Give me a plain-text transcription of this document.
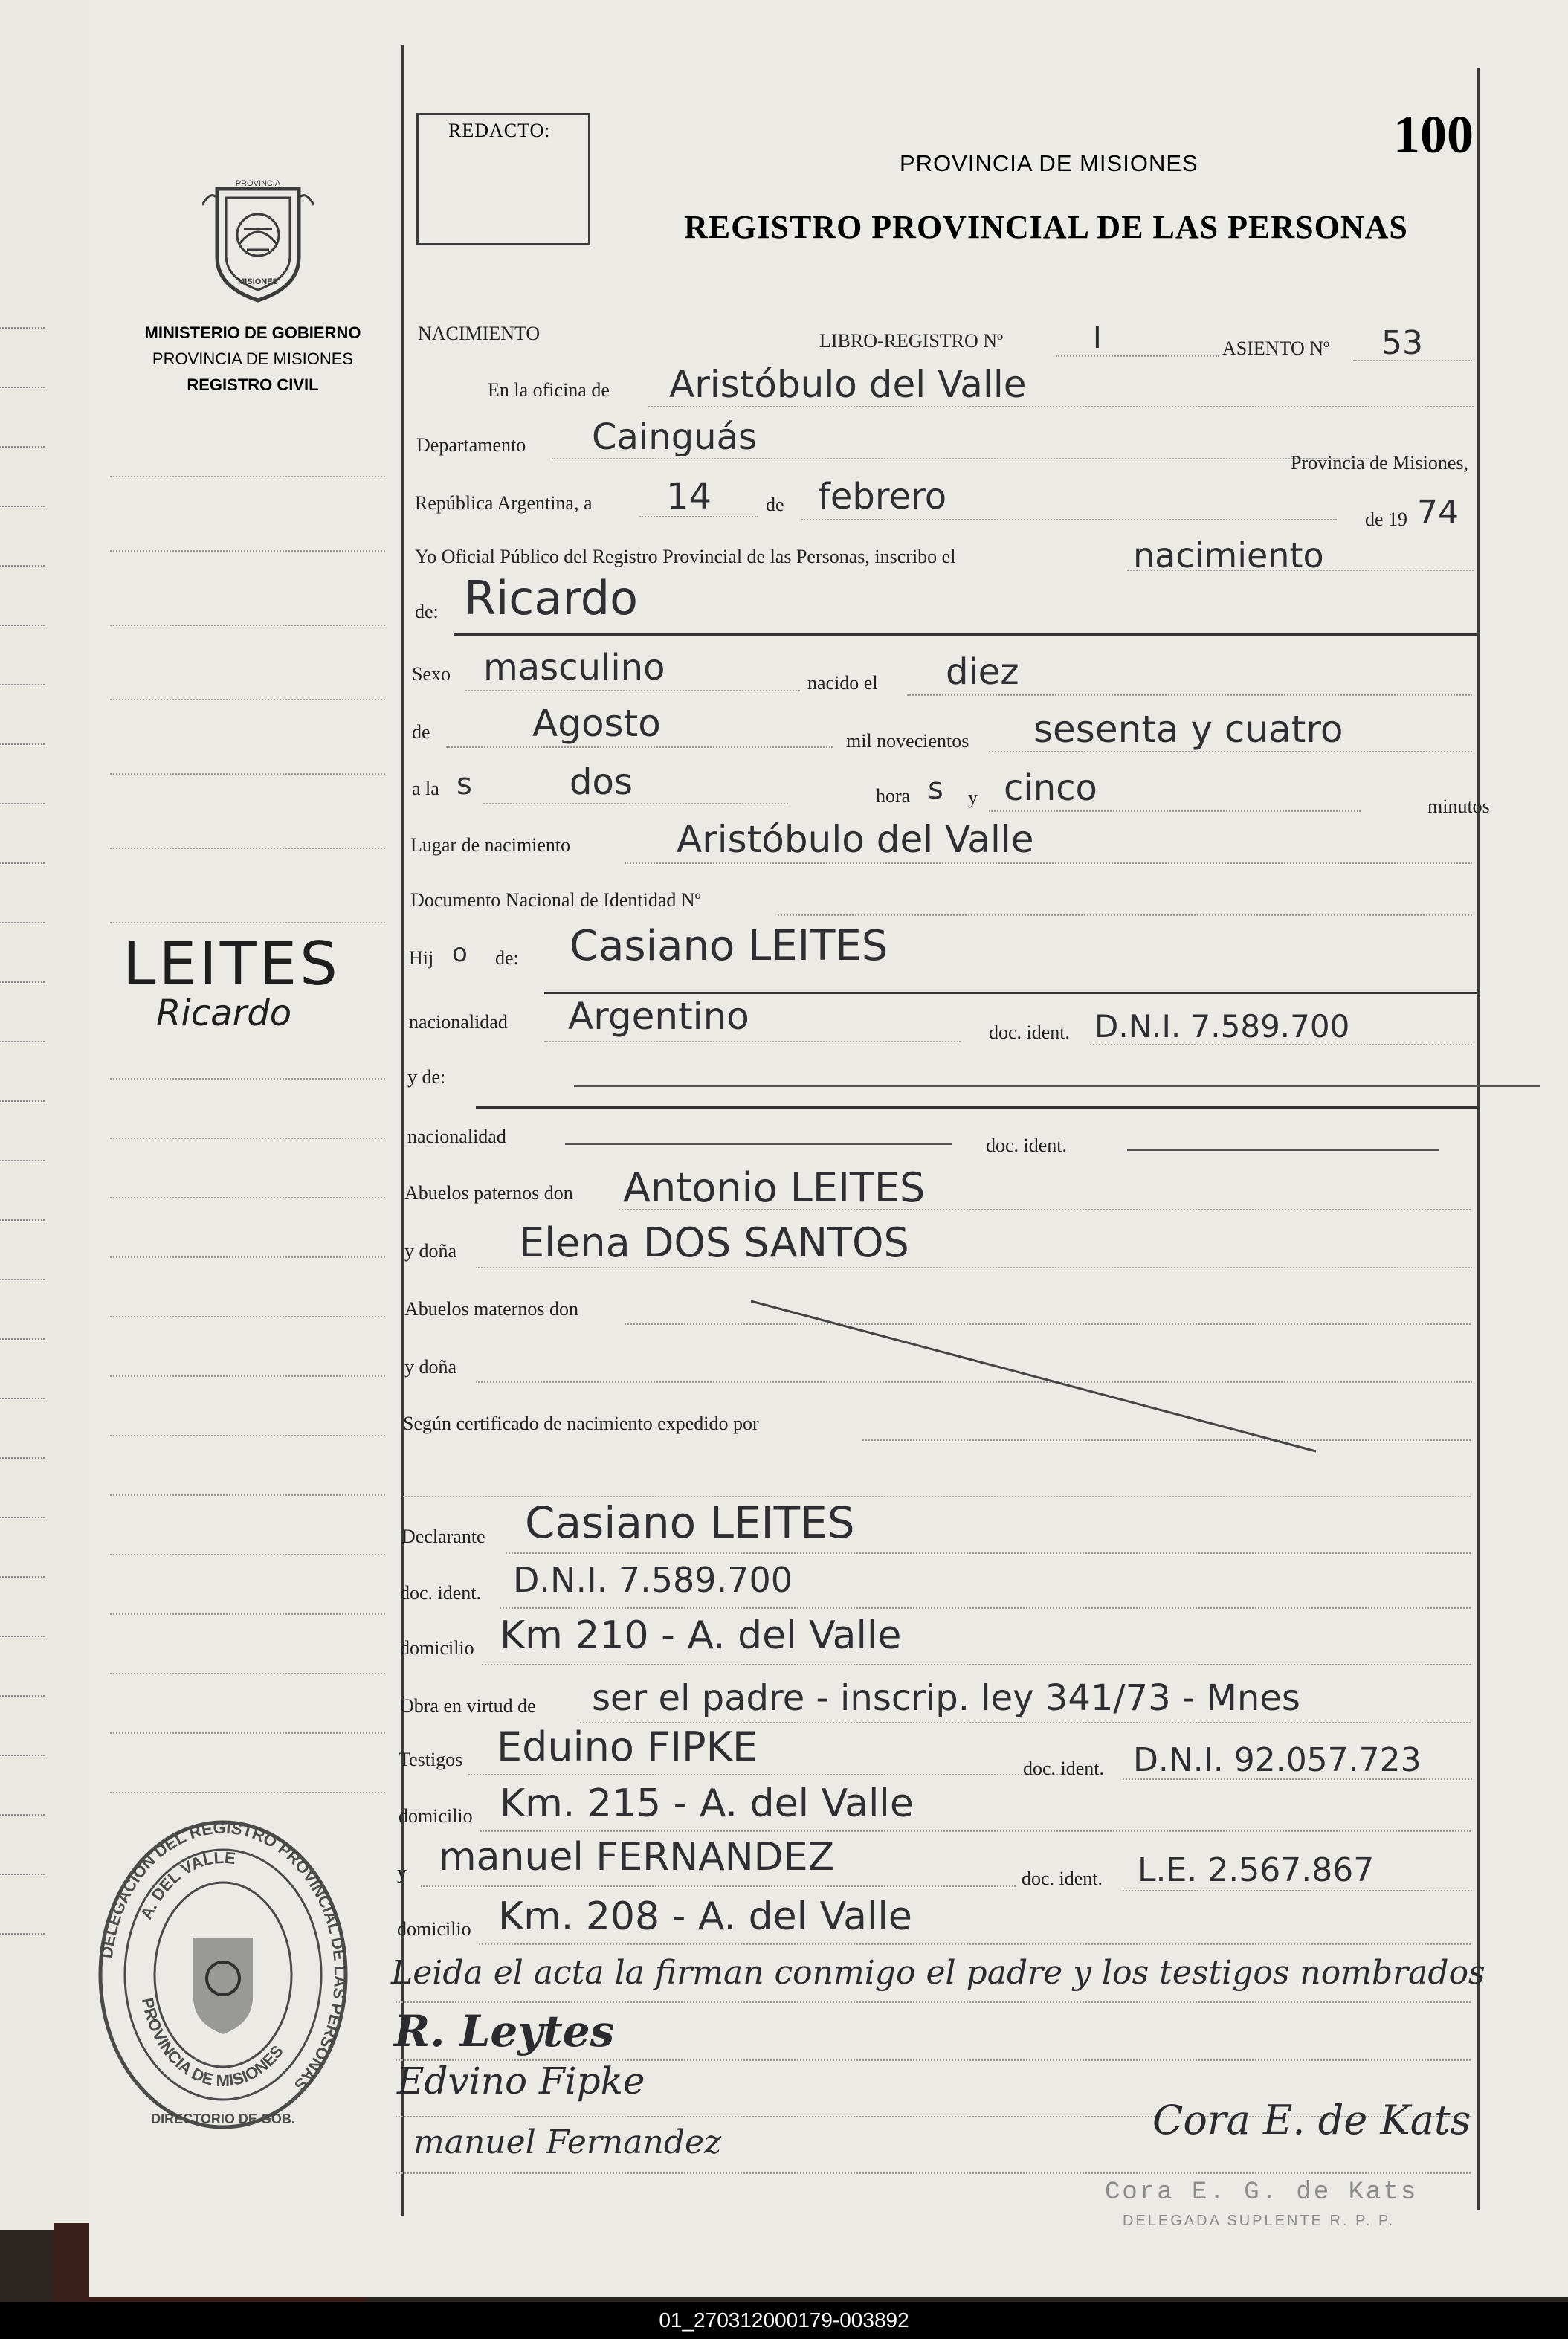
REDACTO:	100
PROVINCIA DE MISIONES
REGISTRO PROVINCIAL DE LAS PERSONAS
PROVINCIA
MISIONES
MINISTERIO DE GOBIERNO
PROVINCIA DE MISIONES
REGISTRO CIVIL
LEITES
Ricardo
NACIMIENTO	LIBRO-REGISTRO Nº	I	ASIENTO Nº 53
En la oficina de Aristóbulo del Valle
Departamento Cainguás
Provincia de Misiones,
República Argentina, a 14	de febrero
de 19 74
Yo Oficial Público del Registro Provincial de las Personas, inscribo el	nacimiento
de: Ricardo
Sexo masculino	nacido el diez
de	Agosto	mil novecientos sesenta y cuatro
a la s	dos	hora s y cinco	minutos
Lugar de nacimiento	Aristóbulo del Valle
Documento Nacional de Identidad Nº
Hij o de: Casiano LEITES
nacionalidad Argentino	doc. ident. D.N.I. 7.589.700
y de:
nacionalidad	doc. ident.
Abuelos paternos don Antonio LEITES
y doña Elena DOS SANTOS
Abuelos maternos don
y doña
Según certificado de nacimiento expedido por
Declarante Casiano LEITES
doc. ident. D.N.I. 7.589.700
domicilio Km 210 - A. del Valle
Obra en virtud de ser el padre - inscrip. ley 341/73 - Mnes
Testigos Eduino FIPKE	doc. ident. D.N.I. 92.057.723
domicilio Km. 215 - A. del Valle
y manuel FERNANDEZ	doc. ident. L.E. 2.567.867
domicilio Km. 208 - A. del Valle
Leida el acta la firman conmigo el padre y los testigos nombrados
R. Leytes
Edvino Fipke
manuel Fernandez	Cora E. de Kats
Cora E. G. de Kats
DELEGADA SUPLENTE R. P. P.
DELEGACION DEL REGISTRO PROVINCIAL DE LAS PERSONAS
A. DEL VALLE
PROVINCIA DE MISIONES
DIRECTORIO DE GOB.
01_270312000179-003892
